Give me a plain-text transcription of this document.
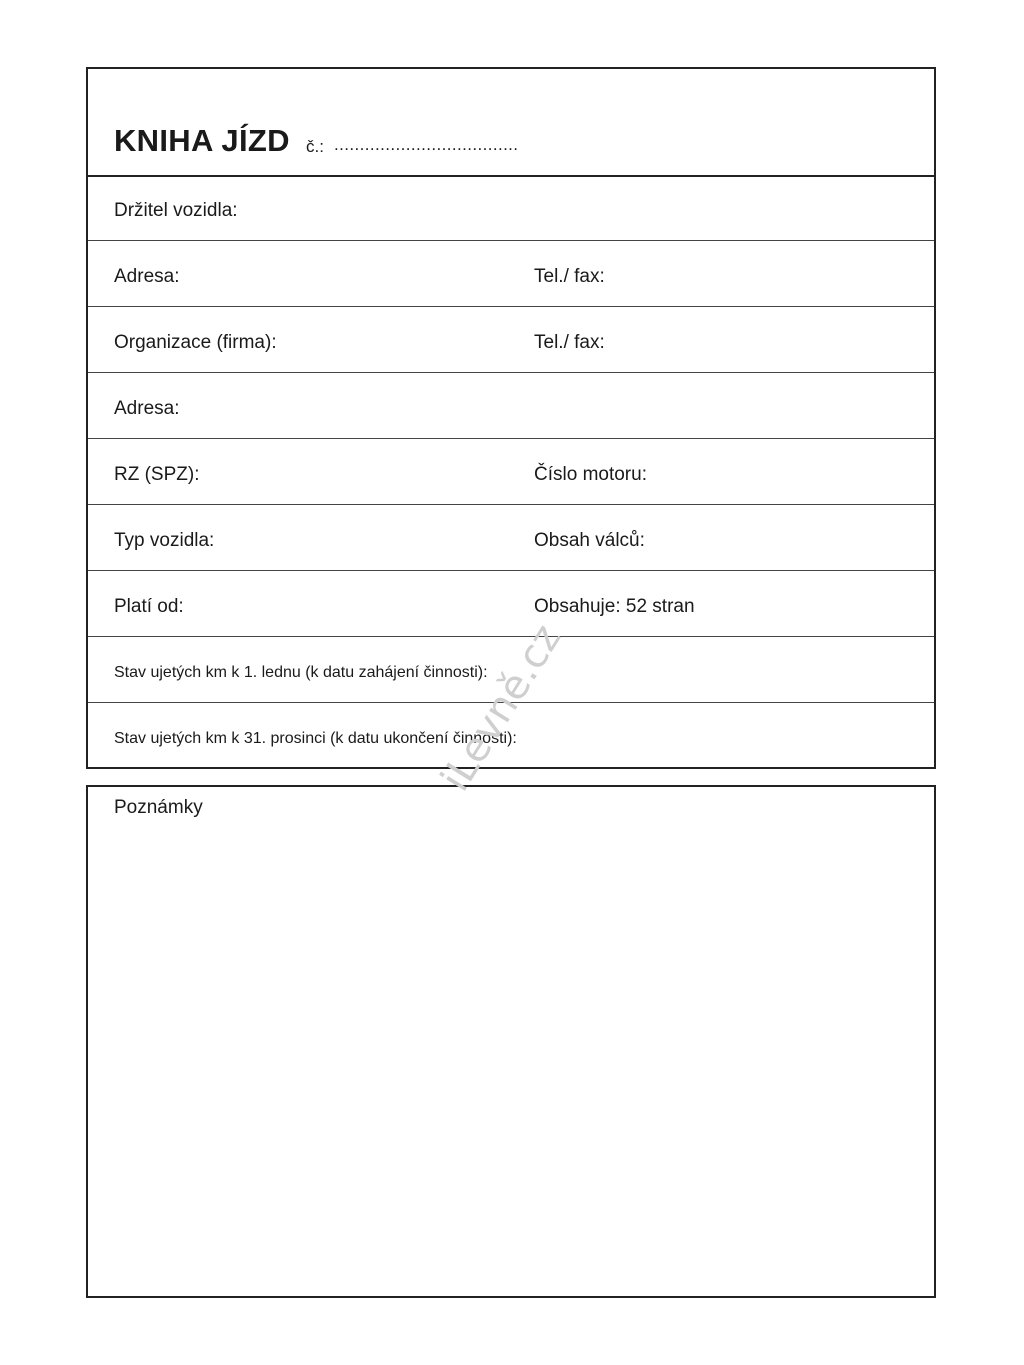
KNIHA JÍZD č.: ....................................
Držitel vozidla:
Adresa:	Tel./ fax:
Organizace (firma):	Tel./ fax:
Adresa:
RZ (SPZ):	Číslo motoru:
Typ vozidla:	Obsah válců:
Platí od:	Obsahuje: 52 stran
Stav ujetých km k 1. lednu (k datu zahájení činnosti):
Stav ujetých km k 31. prosinci (k datu ukončení činnosti):
Poznámky
iLevně.cz
